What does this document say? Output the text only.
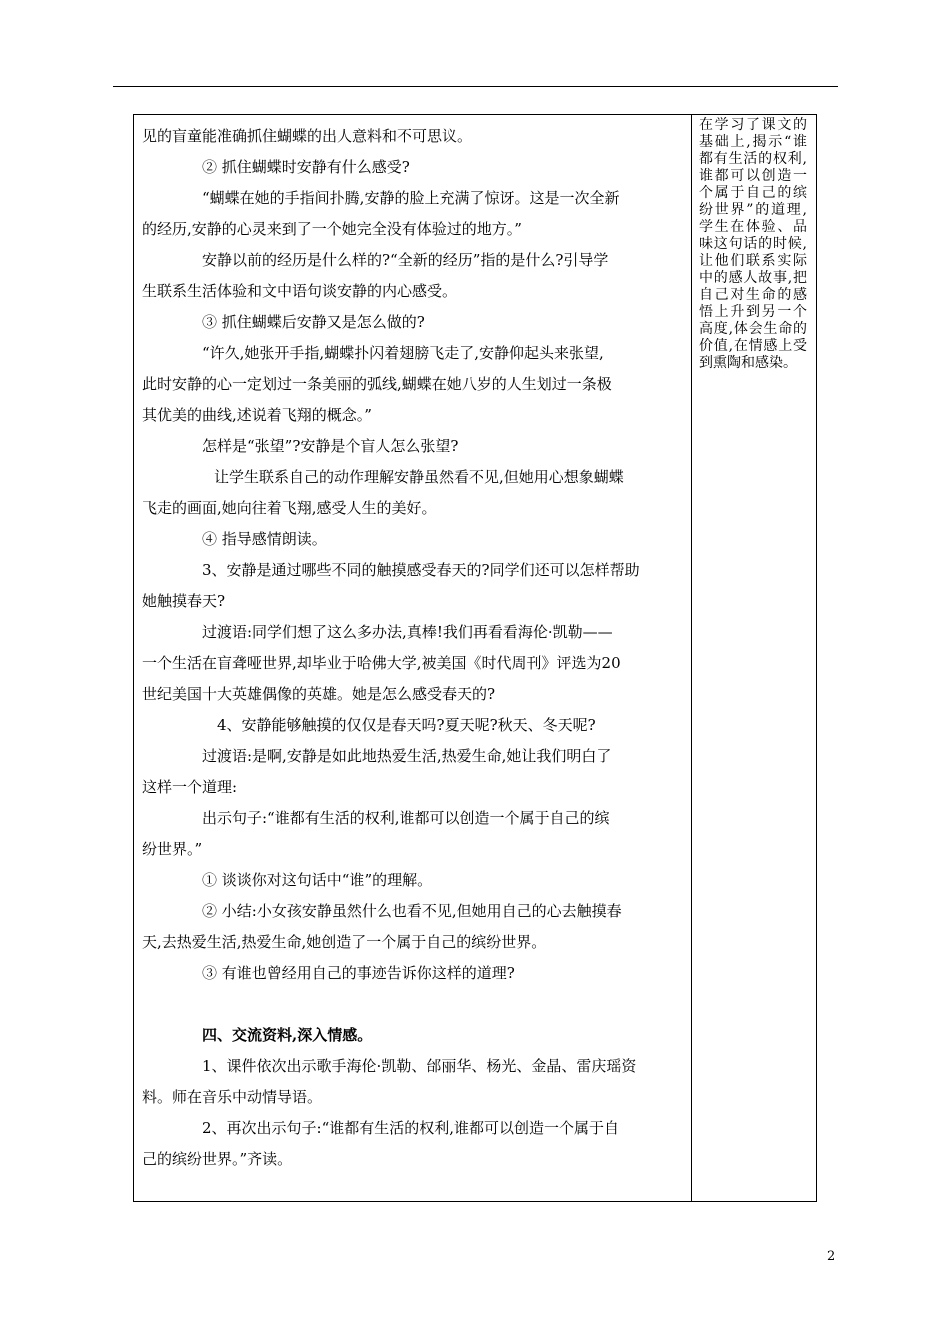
见的盲童能准确抓住蝴蝶的出人意料和不可思议。
② 抓住蝴蝶时安静有什么感受?
“蝴蝶在她的手指间扑腾,安静的脸上充满了惊讶。这是一次全新
的经历,安静的心灵来到了一个她完全没有体验过的地方。”
安静以前的经历是什么样的?“全新的经历”指的是什么?引导学
生联系生活体验和文中语句谈安静的内心感受。
③ 抓住蝴蝶后安静又是怎么做的?
“许久,她张开手指,蝴蝶扑闪着翅膀飞走了,安静仰起头来张望,
此时安静的心一定划过一条美丽的弧线,蝴蝶在她八岁的人生划过一条极
其优美的曲线,述说着飞翔的概念。”
怎样是“张望”?安静是个盲人怎么张望?
让学生联系自己的动作理解安静虽然看不见,但她用心想象蝴蝶
飞走的画面,她向往着飞翔,感受人生的美好。
④ 指导感情朗读。
3、安静是通过哪些不同的触摸感受春天的?同学们还可以怎样帮助
她触摸春天?
过渡语:同学们想了这么多办法,真棒!我们再看看海伦·凯勒——
一个生活在盲聋哑世界,却毕业于哈佛大学,被美国《时代周刊》评选为20
世纪美国十大英雄偶像的英雄。她是怎么感受春天的?
4、安静能够触摸的仅仅是春天吗?夏天呢?秋天、冬天呢?
过渡语:是啊,安静是如此地热爱生活,热爱生命,她让我们明白了
这样一个道理:
出示句子:“谁都有生活的权利,谁都可以创造一个属于自己的缤
纷世界。”
① 谈谈你对这句话中“谁”的理解。
② 小结:小女孩安静虽然什么也看不见,但她用自己的心去触摸春
天,去热爱生活,热爱生命,她创造了一个属于自己的缤纷世界。
③ 有谁也曾经用自己的事迹告诉你这样的道理?
四、交流资料,深入情感。
1、课件依次出示歌手海伦·凯勒、邰丽华、杨光、金晶、雷庆瑶资
料。师在音乐中动情导语。
2、再次出示句子:“谁都有生活的权利,谁都可以创造一个属于自
己的缤纷世界。”齐读。

在学习了课文的基础上,揭示“谁都有生活的权利,谁都可以创造一个属于自己的缤纷世界”的道理,学生在体验、品味这句话的时候,让他们联系实际中的感人故事,把自己对生命的感悟上升到另一个高度,体会生命的价值,在情感上受到熏陶和感染。

2
